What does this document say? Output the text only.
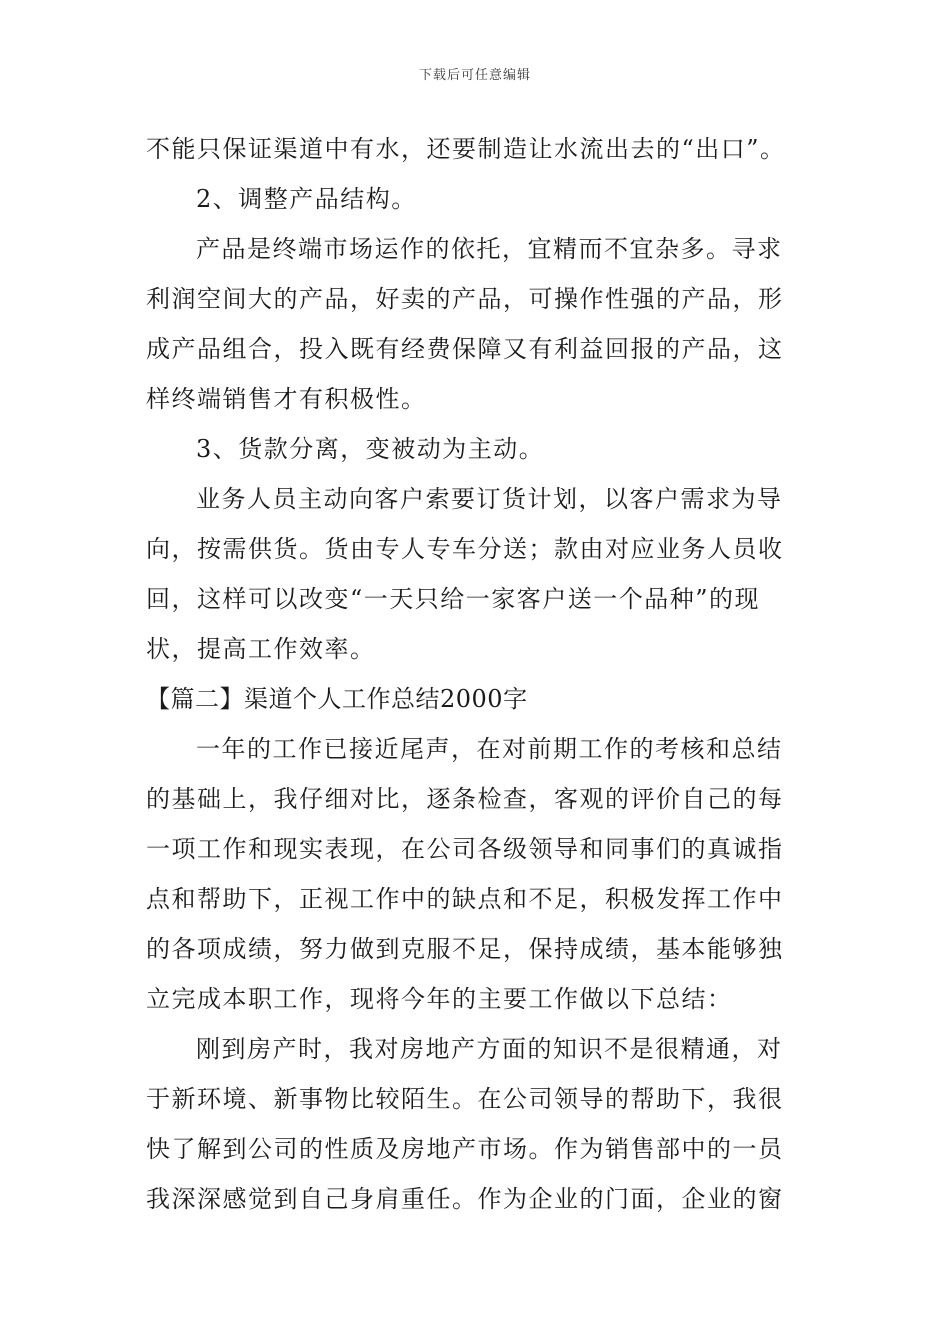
下载后可任意编辑
不能只保证渠道中有水，还要制造让水流出去的“出口”。
2、调整产品结构。
产品是终端市场运作的依托，宜精而不宜杂多。寻求
利润空间大的产品，好卖的产品，可操作性强的产品，形
成产品组合，投入既有经费保障又有利益回报的产品，这
样终端销售才有积极性。
3、货款分离，变被动为主动。
业务人员主动向客户索要订货计划，以客户需求为导
向，按需供货。货由专人专车分送；款由对应业务人员收
回，这样可以改变“一天只给一家客户送一个品种”的现
状，提高工作效率。
【篇二】渠道个人工作总结2000字
一年的工作已接近尾声，在对前期工作的考核和总结
的基础上，我仔细对比，逐条检查，客观的评价自己的每
一项工作和现实表现，在公司各级领导和同事们的真诚指
点和帮助下，正视工作中的缺点和不足，积极发挥工作中
的各项成绩，努力做到克服不足，保持成绩，基本能够独
立完成本职工作，现将今年的主要工作做以下总结：
刚到房产时，我对房地产方面的知识不是很精通，对
于新环境、新事物比较陌生。在公司领导的帮助下，我很
快了解到公司的性质及房地产市场。作为销售部中的一员
我深深感觉到自己身肩重任。作为企业的门面，企业的窗
